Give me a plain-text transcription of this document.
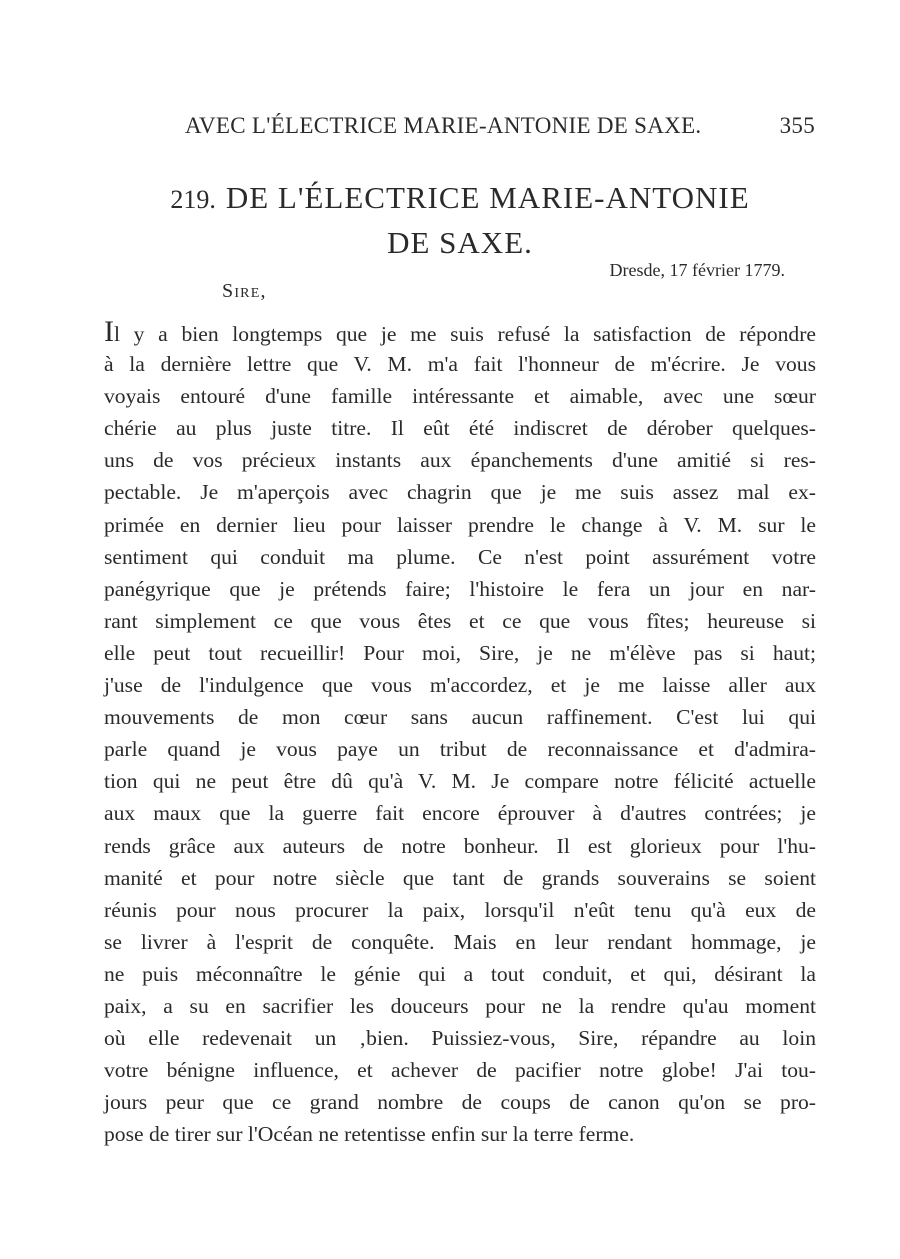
AVEC L'ÉLECTRICE MARIE-ANTONIE DE SAXE.	355
219. DE L'ÉLECTRICE MARIE-ANTONIE
DE SAXE.
Dresde, 17 février 1779.
Sire,
Il y a bien longtemps que je me suis refusé la satisfaction de répondre
à la dernière lettre que V. M. m'a fait l'honneur de m'écrire. Je vous
voyais entouré d'une famille intéressante et aimable, avec une sœur
chérie au plus juste titre. Il eût été indiscret de dérober quelques-
uns de vos précieux instants aux épanchements d'une amitié si res-
pectable. Je m'aperçois avec chagrin que je me suis assez mal ex-
primée en dernier lieu pour laisser prendre le change à V. M. sur le
sentiment qui conduit ma plume. Ce n'est point assurément votre
panégyrique que je prétends faire; l'histoire le fera un jour en nar-
rant simplement ce que vous êtes et ce que vous fîtes; heureuse si
elle peut tout recueillir! Pour moi, Sire, je ne m'élève pas si haut;
j'use de l'indulgence que vous m'accordez, et je me laisse aller aux
mouvements de mon cœur sans aucun raffinement. C'est lui qui
parle quand je vous paye un tribut de reconnaissance et d'admira-
tion qui ne peut être dû qu'à V. M. Je compare notre félicité actuelle
aux maux que la guerre fait encore éprouver à d'autres contrées; je
rends grâce aux auteurs de notre bonheur. Il est glorieux pour l'hu-
manité et pour notre siècle que tant de grands souverains se soient
réunis pour nous procurer la paix, lorsqu'il n'eût tenu qu'à eux de
se livrer à l'esprit de conquête. Mais en leur rendant hommage, je
ne puis méconnaître le génie qui a tout conduit, et qui, désirant la
paix, a su en sacrifier les douceurs pour ne la rendre qu'au moment
où elle redevenait un ‚bien. Puissiez-vous, Sire, répandre au loin
votre bénigne influence, et achever de pacifier notre globe! J'ai tou-
jours peur que ce grand nombre de coups de canon qu'on se pro-
pose de tirer sur l'Océan ne retentisse enfin sur la terre ferme.
